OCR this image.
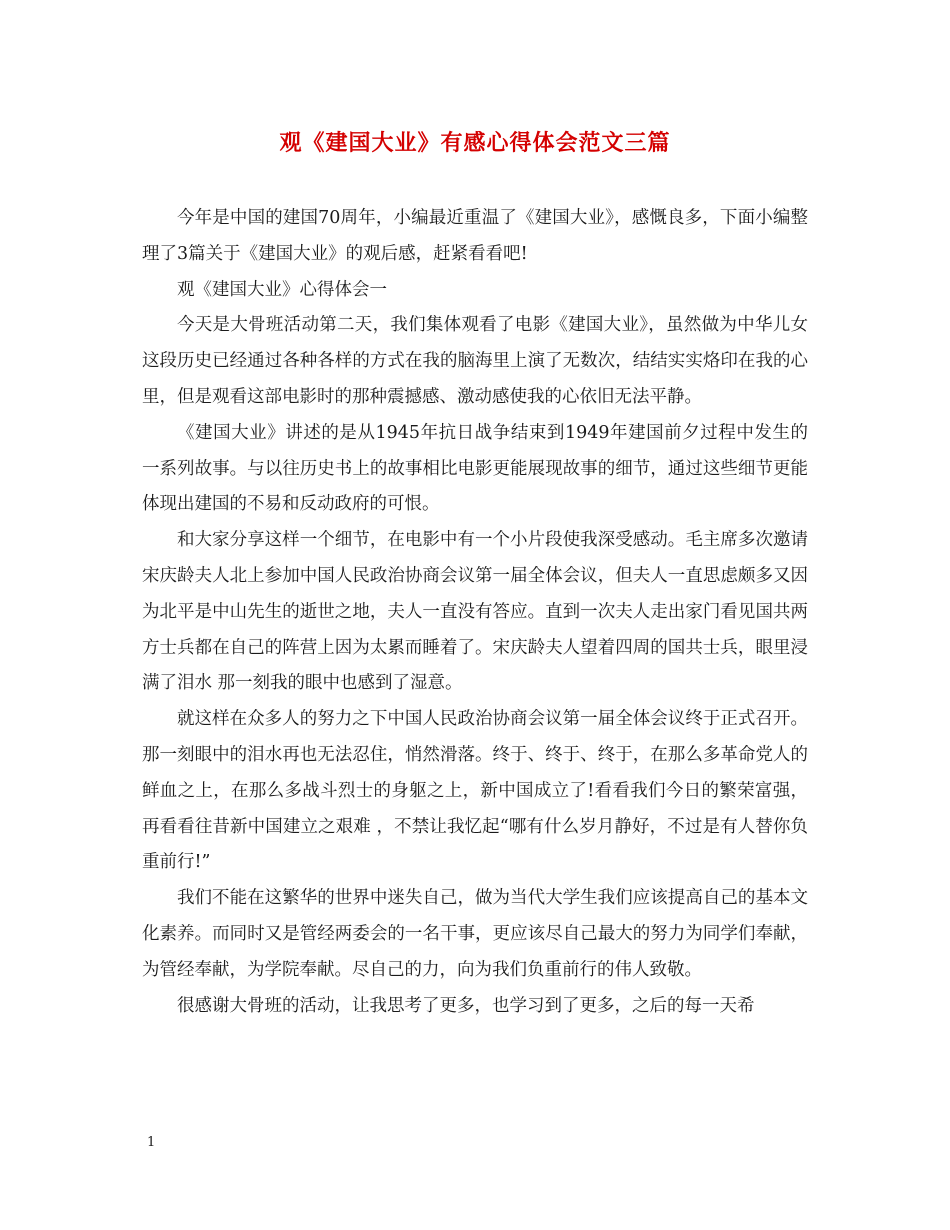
观《建国大业》有感心得体会范文三篇

今年是中国的建国70周年，小编最近重温了《建国大业》，感慨良多，下面小编整理了3篇关于《建国大业》的观后感，赶紧看看吧!

观《建国大业》心得体会一

今天是大骨班活动第二天，我们集体观看了电影《建国大业》，虽然做为中华儿女这段历史已经通过各种各样的方式在我的脑海里上演了无数次，结结实实烙印在我的心里，但是观看这部电影时的那种震撼感、激动感使我的心依旧无法平静。

《建国大业》讲述的是从1945年抗日战争结束到1949年建国前夕过程中发生的一系列故事。与以往历史书上的故事相比电影更能展现故事的细节，通过这些细节更能体现出建国的不易和反动政府的可恨。

和大家分享这样一个细节，在电影中有一个小片段使我深受感动。毛主席多次邀请宋庆龄夫人北上参加中国人民政治协商会议第一届全体会议，但夫人一直思虑颇多又因为北平是中山先生的逝世之地，夫人一直没有答应。直到一次夫人走出家门看见国共两方士兵都在自己的阵营上因为太累而睡着了。宋庆龄夫人望着四周的国共士兵，眼里浸满了泪水 那一刻我的眼中也感到了湿意。

就这样在众多人的努力之下中国人民政治协商会议第一届全体会议终于正式召开。那一刻眼中的泪水再也无法忍住，悄然滑落。终于、终于、终于，在那么多革命党人的鲜血之上，在那么多战斗烈士的身躯之上，新中国成立了!看看我们今日的繁荣富强，再看看往昔新中国建立之艰难 ，不禁让我忆起“哪有什么岁月静好，不过是有人替你负重前行!”

我们不能在这繁华的世界中迷失自己，做为当代大学生我们应该提高自己的基本文化素养。而同时又是管经两委会的一名干事，更应该尽自己最大的努力为同学们奉献，为管经奉献，为学院奉献。尽自己的力，向为我们负重前行的伟人致敬。

很感谢大骨班的活动，让我思考了更多，也学习到了更多，之后的每一天希

1
